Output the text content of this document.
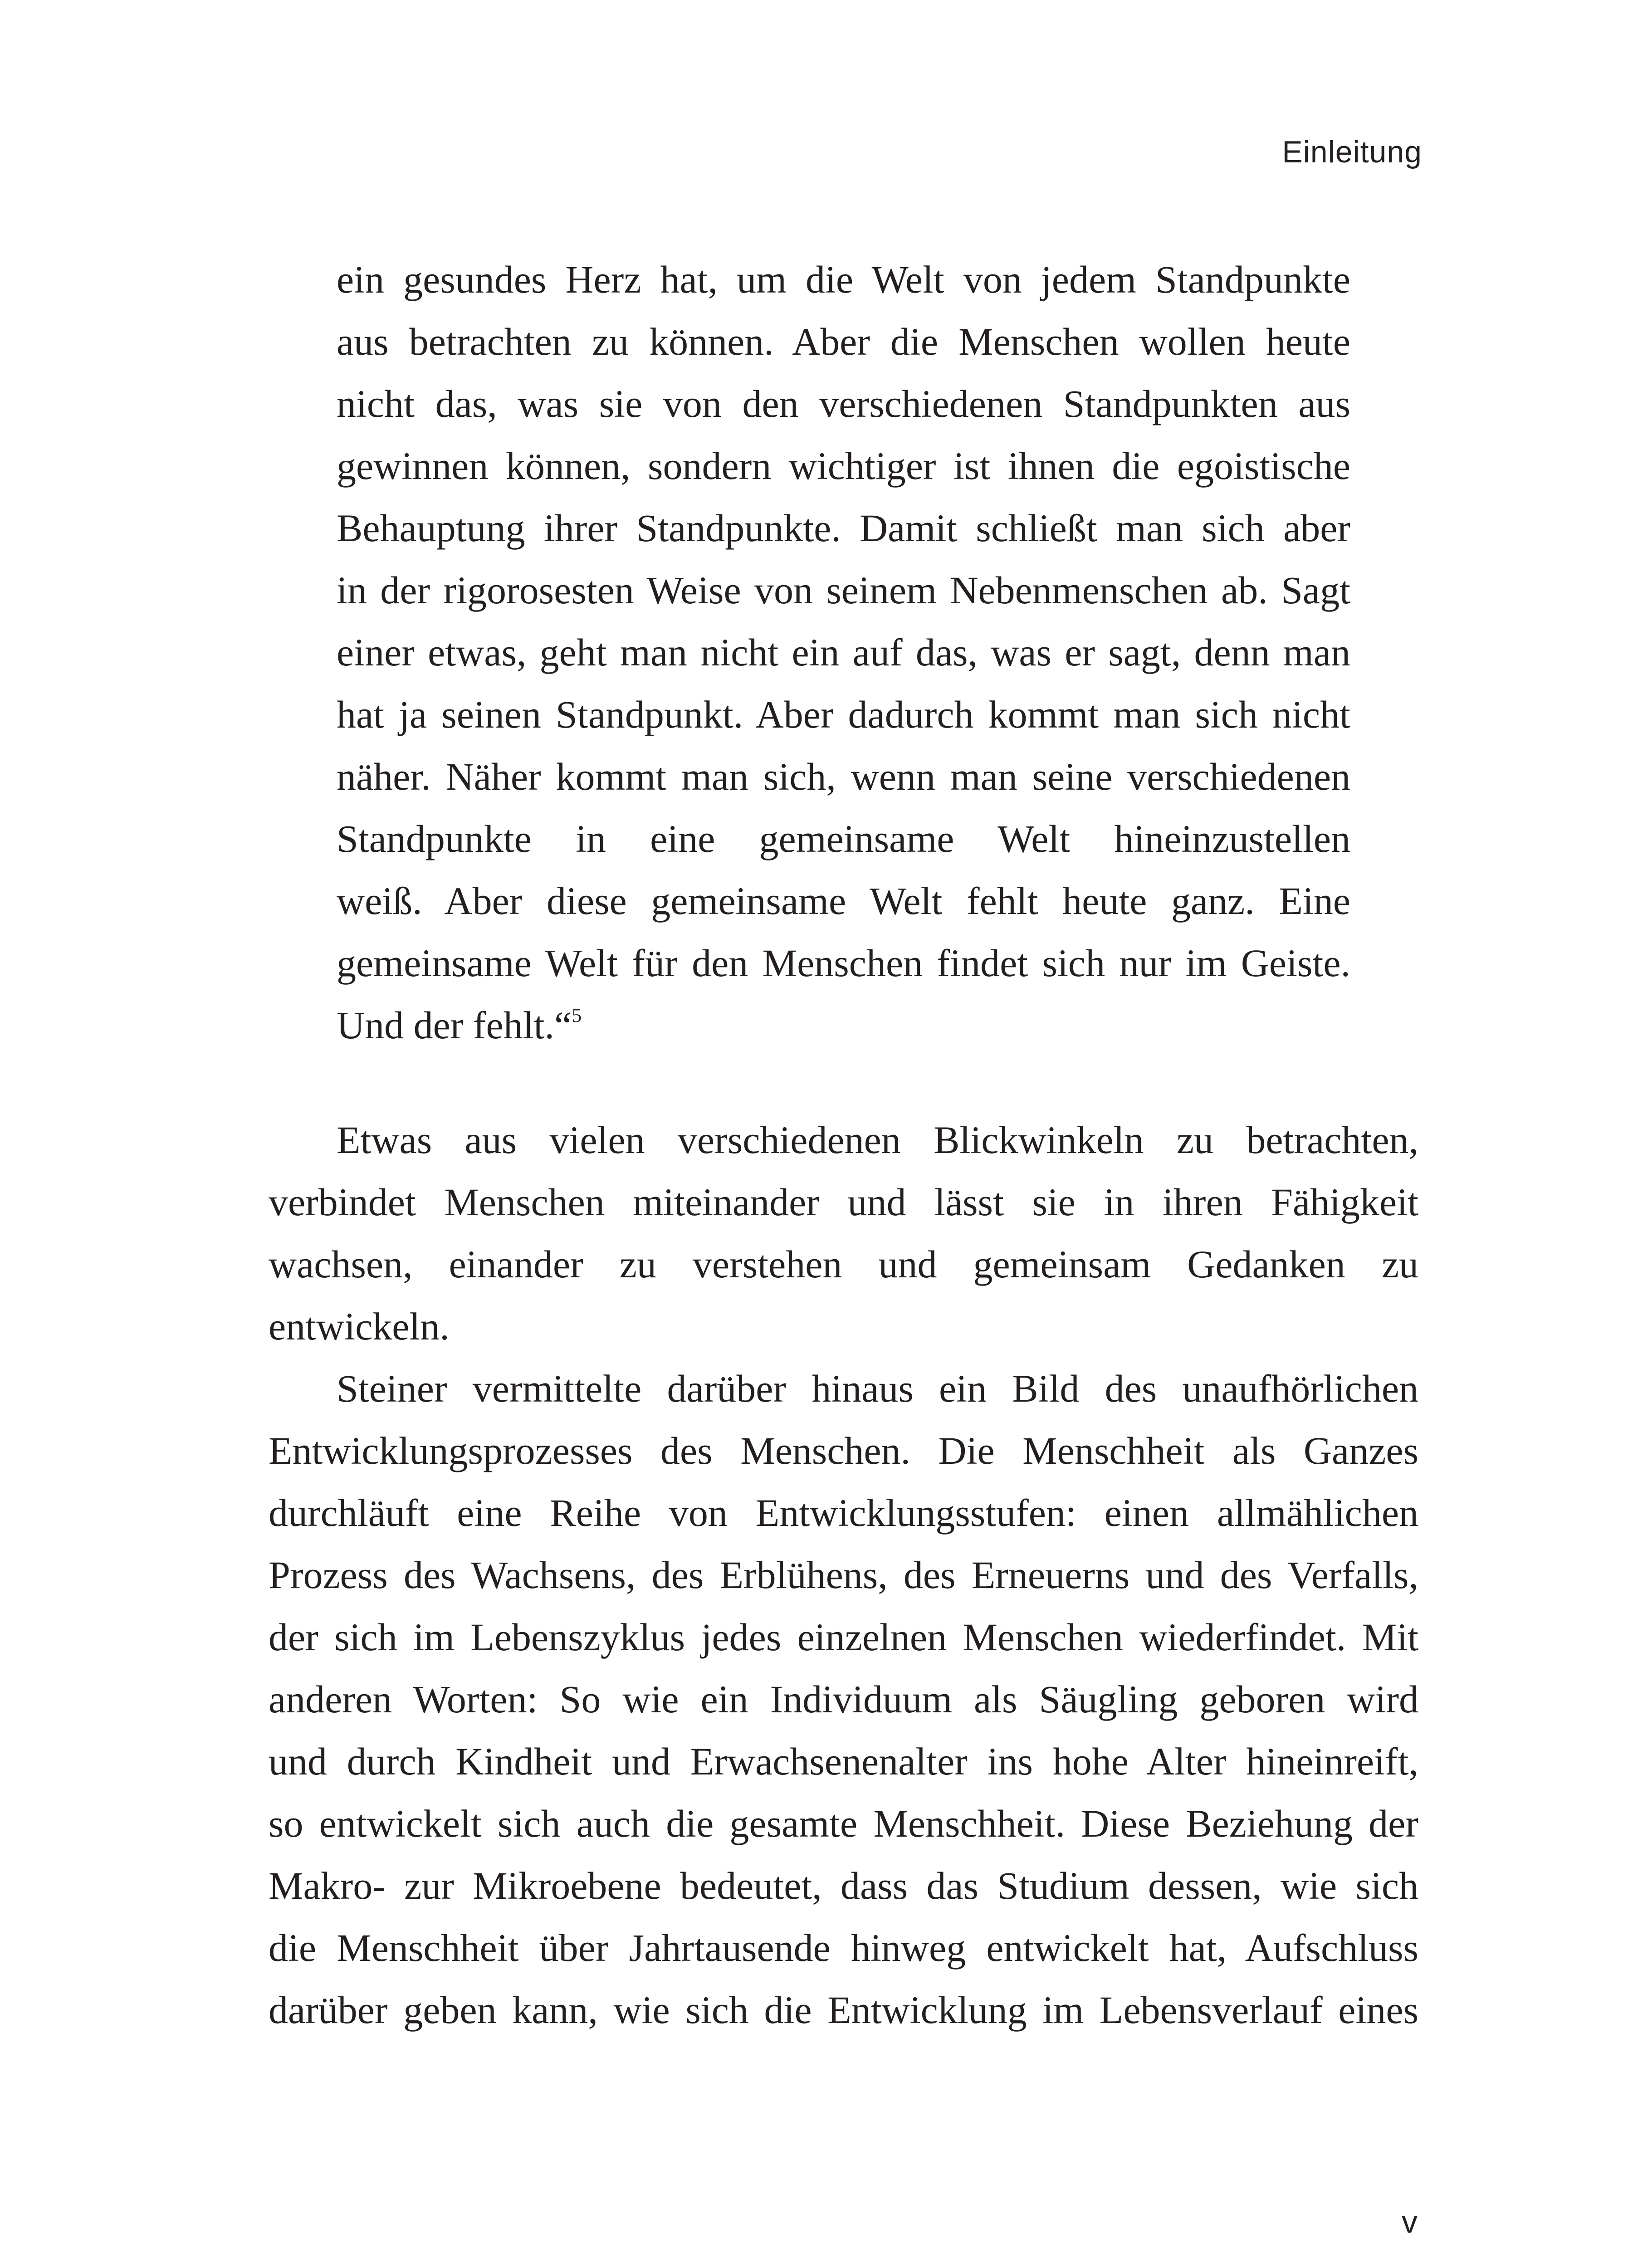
Einleitung
ein gesundes Herz hat, um die Welt von jedem Standpunkte
aus betrachten zu können. Aber die Menschen wollen heute
nicht das, was sie von den verschiedenen Standpunkten aus
gewinnen können, sondern wichtiger ist ihnen die egoistische
Behauptung ihrer Standpunkte. Damit schließt man sich aber
in der rigorosesten Weise von seinem Nebenmenschen ab. Sagt
einer etwas, geht man nicht ein auf das, was er sagt, denn man
hat ja seinen Standpunkt. Aber dadurch kommt man sich nicht
näher. Näher kommt man sich, wenn man seine verschiedenen
Standpunkte in eine gemeinsame Welt hineinzustellen
weiß. Aber diese gemeinsame Welt fehlt heute ganz. Eine
gemeinsame Welt für den Menschen findet sich nur im Geiste.
Und der fehlt.“$^5$
Etwas aus vielen verschiedenen Blickwinkeln zu betrachten,
verbindet Menschen miteinander und lässt sie in ihren Fähigkeit
wachsen, einander zu verstehen und gemeinsam Gedanken zu
entwickeln.
Steiner vermittelte darüber hinaus ein Bild des unaufhörlichen
Entwicklungsprozesses des Menschen. Die Menschheit als Ganzes
durchläuft eine Reihe von Entwicklungsstufen: einen allmählichen
Prozess des Wachsens, des Erblühens, des Erneuerns und des Verfalls,
der sich im Lebenszyklus jedes einzelnen Menschen wiederfindet. Mit
anderen Worten: So wie ein Individuum als Säugling geboren wird
und durch Kindheit und Erwachsenenalter ins hohe Alter hineinreift,
so entwickelt sich auch die gesamte Menschheit. Diese Beziehung der
Makro- zur Mikroebene bedeutet, dass das Studium dessen, wie sich
die Menschheit über Jahrtausende hinweg entwickelt hat, Aufschluss
darüber geben kann, wie sich die Entwicklung im Lebensverlauf eines
v
